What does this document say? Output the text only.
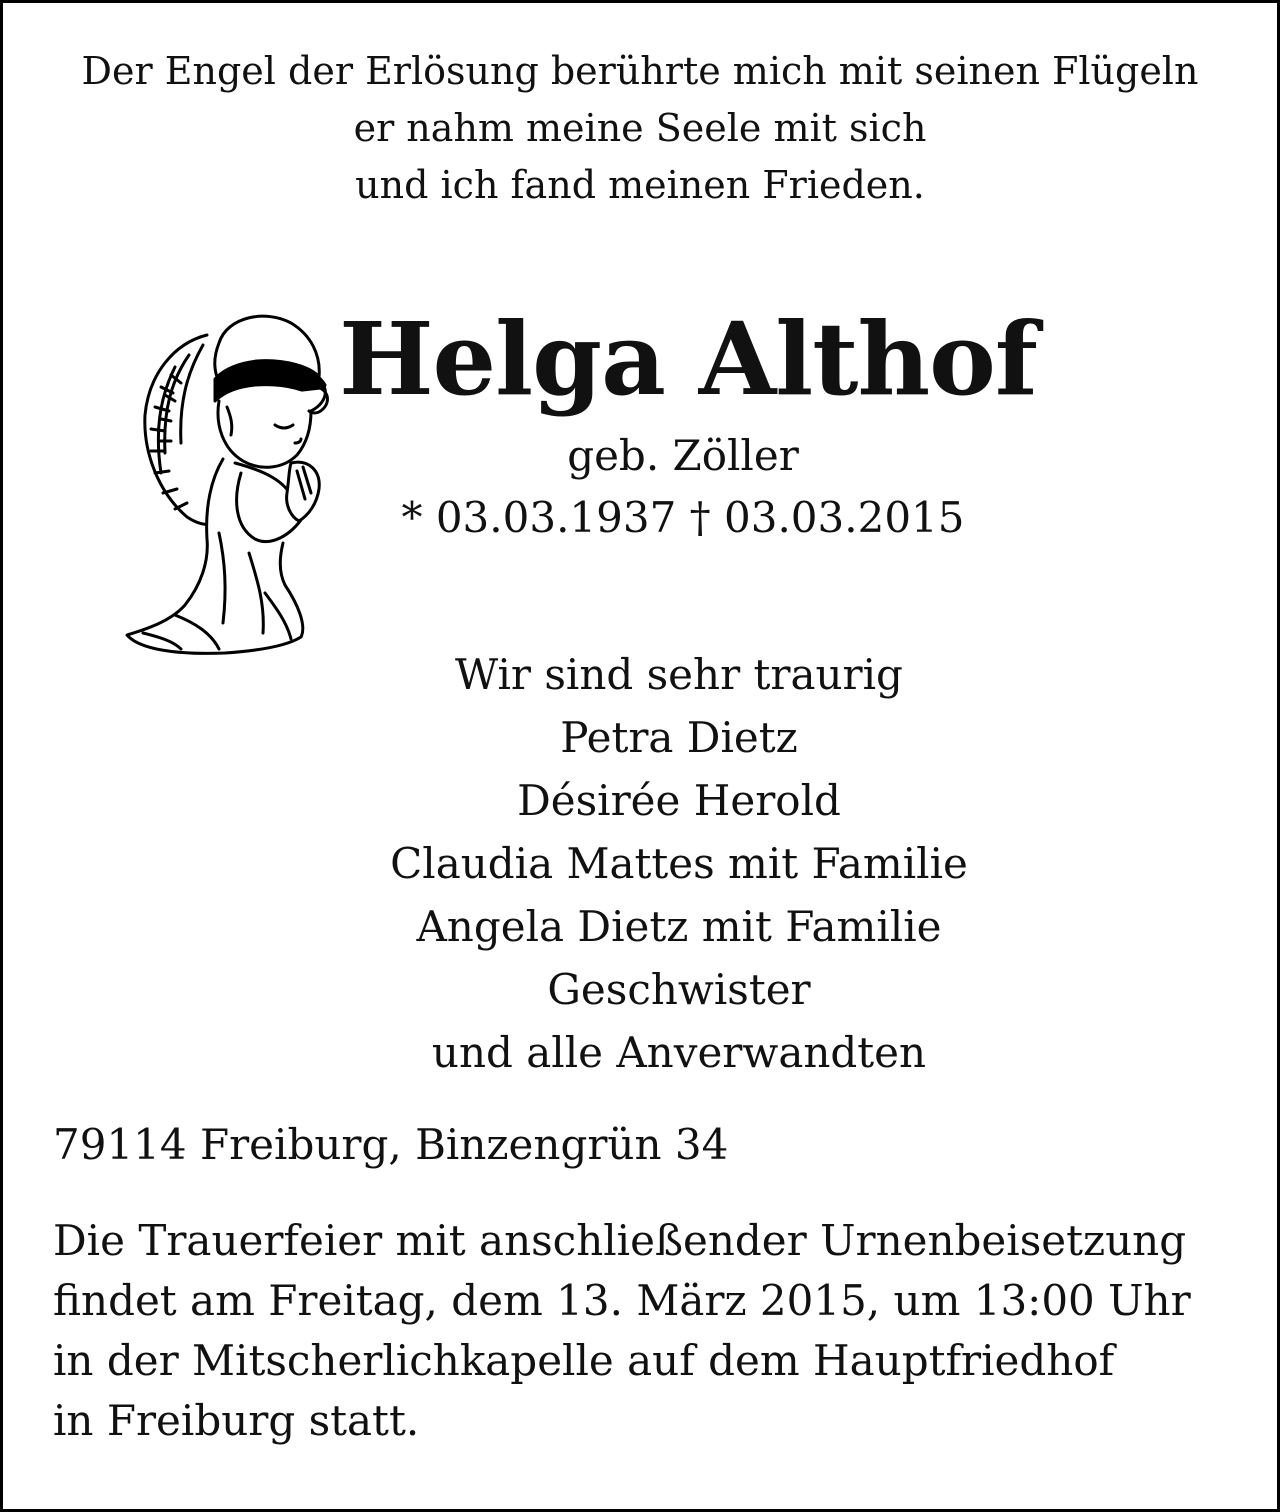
Der Engel der Erlösung berührte mich mit seinen Flügeln
er nahm meine Seele mit sich
und ich fand meinen Frieden.
Helga Althof
geb. Zöller
* 03.03.1937 † 03.03.2015
Wir sind sehr traurig
Petra Dietz
Désirée Herold
Claudia Mattes mit Familie
Angela Dietz mit Familie
Geschwister
und alle Anverwandten
79114 Freiburg, Binzengrün 34
Die Trauerfeier mit anschließender Urnenbeisetzung
findet am Freitag, dem 13. März 2015, um 13:00 Uhr
in der Mitscherlichkapelle auf dem Hauptfriedhof
in Freiburg statt.
